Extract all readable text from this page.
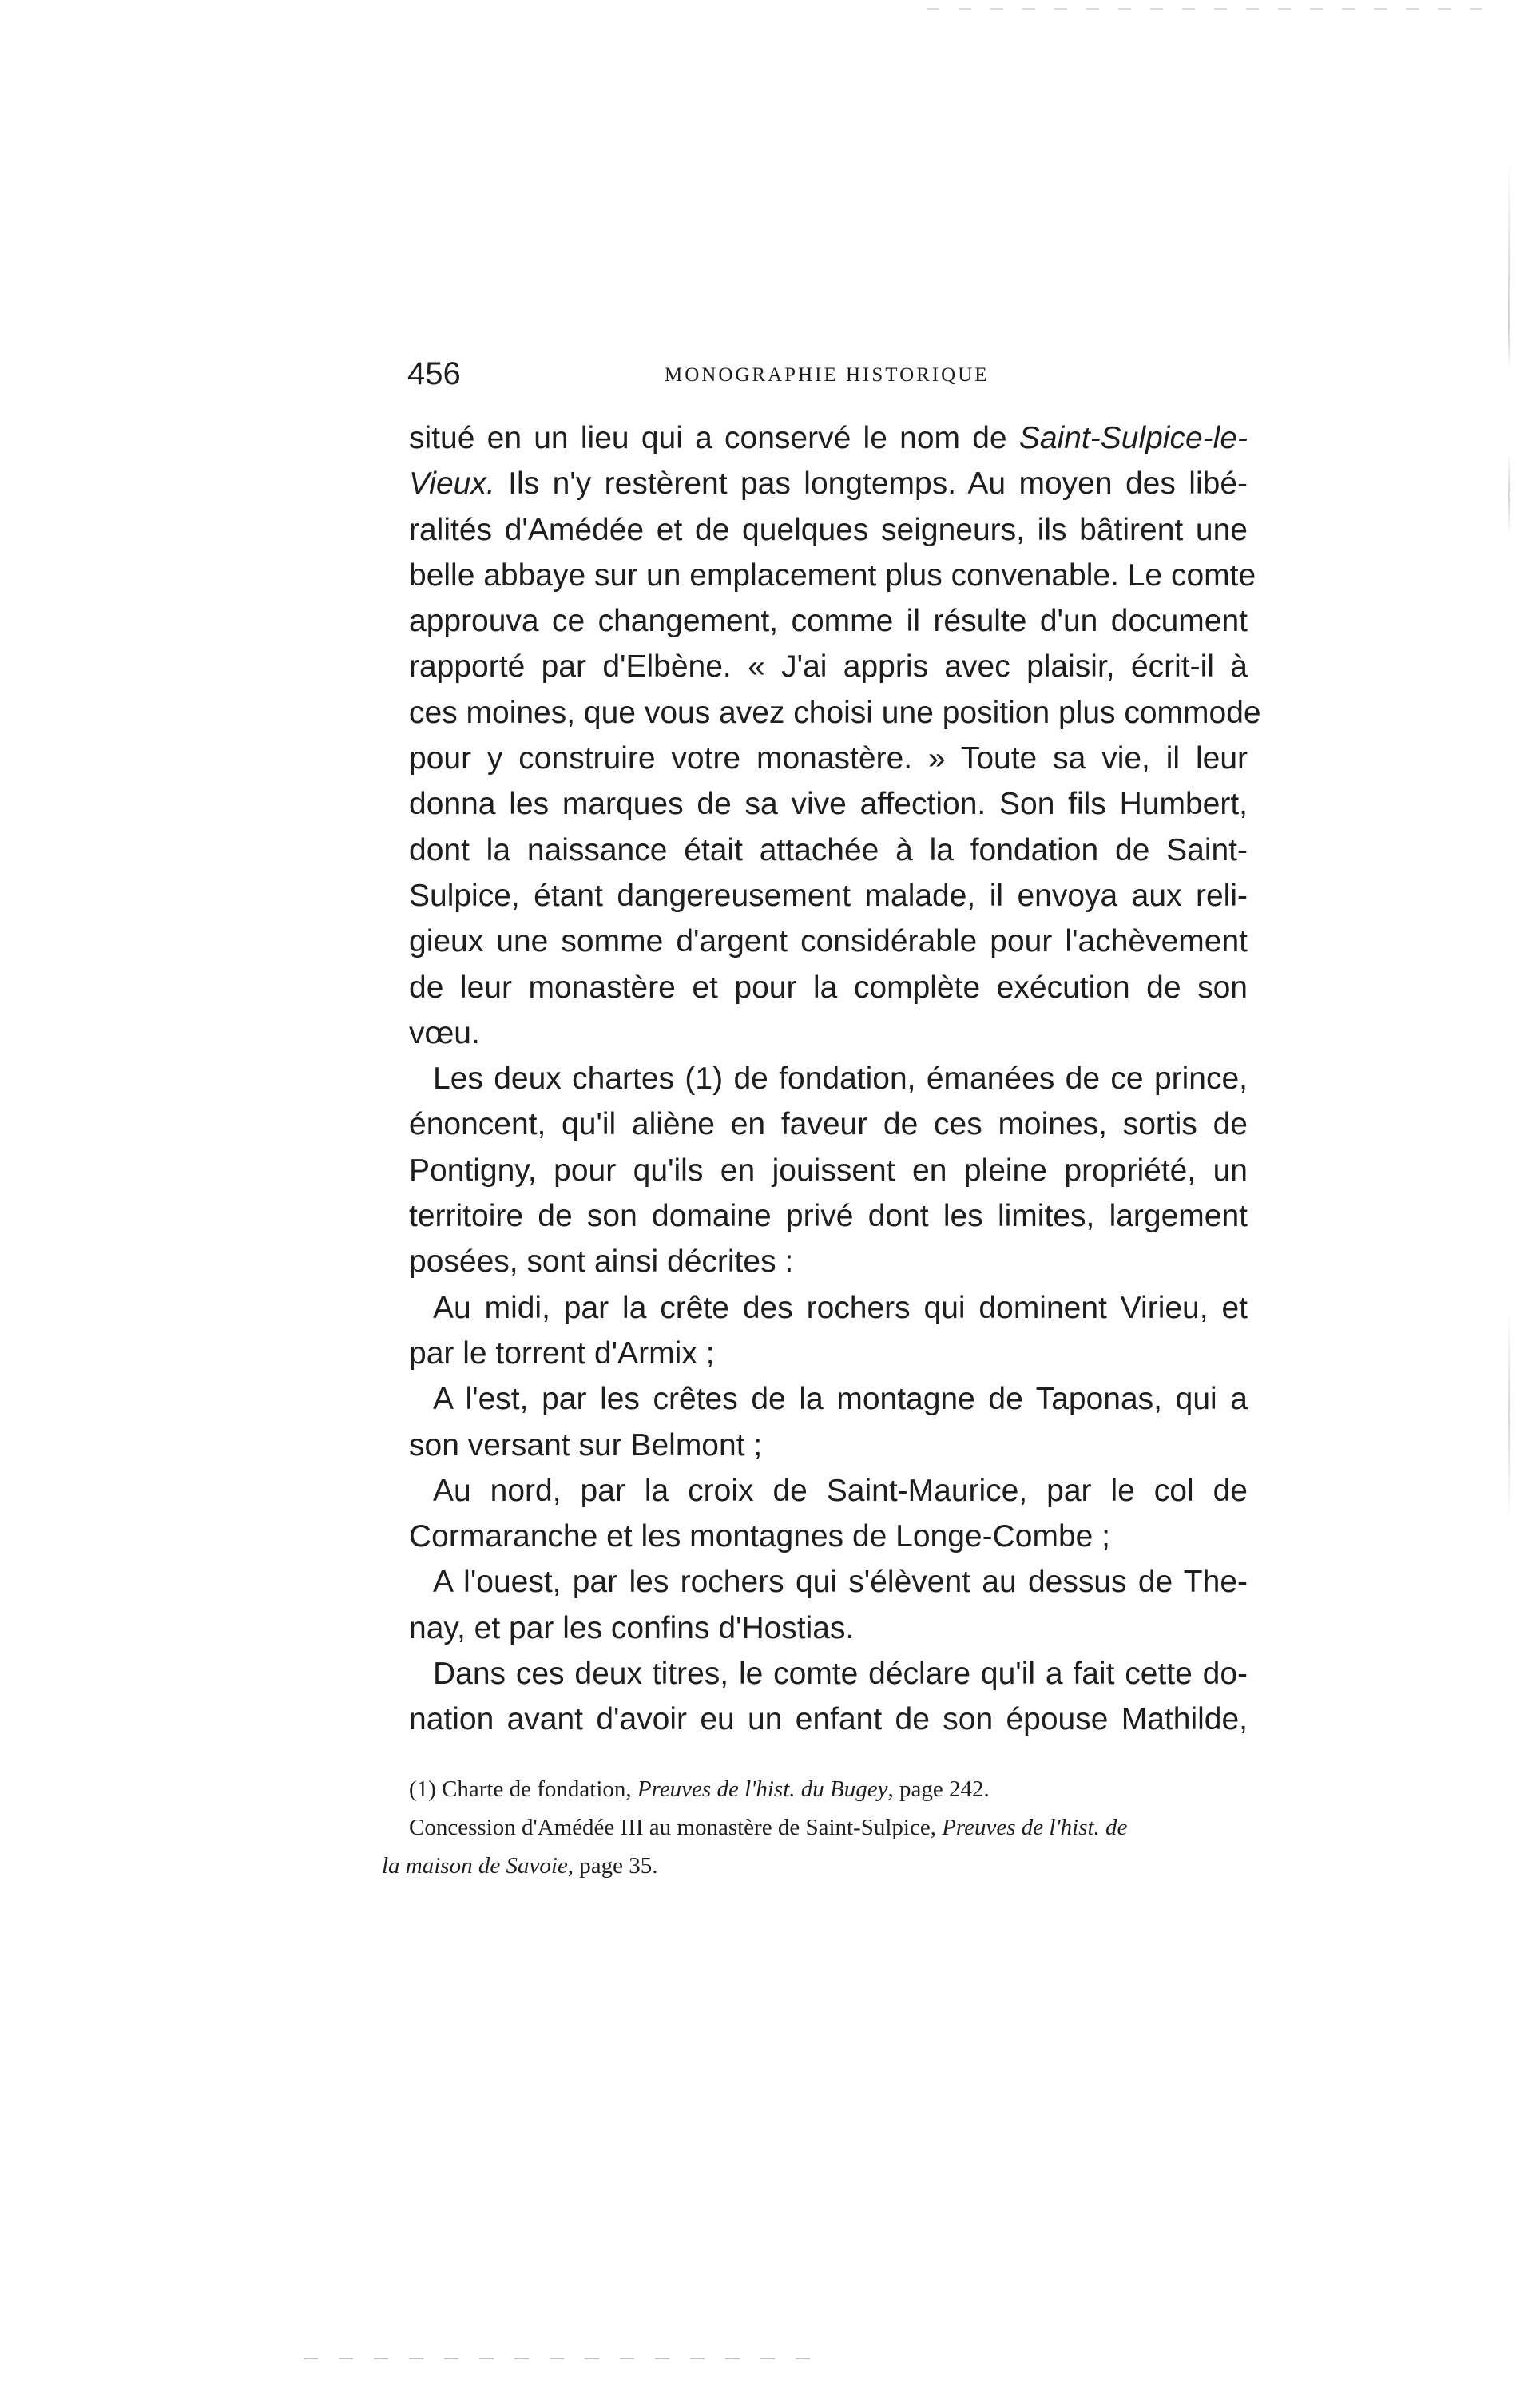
456	MONOGRAPHIE HISTORIQUE
situé en un lieu qui a conservé le nom de Saint-Sulpice-le-
Vieux. Ils n'y restèrent pas longtemps. Au moyen des libé-
ralités d'Amédée et de quelques seigneurs, ils bâtirent une
belle abbaye sur un emplacement plus convenable. Le comte
approuva ce changement, comme il résulte d'un document
rapporté par d'Elbène. « J'ai appris avec plaisir, écrit-il à
ces moines, que vous avez choisi une position plus commode
pour y construire votre monastère. » Toute sa vie, il leur
donna les marques de sa vive affection. Son fils Humbert,
dont la naissance était attachée à la fondation de Saint-
Sulpice, étant dangereusement malade, il envoya aux reli-
gieux une somme d'argent considérable pour l'achèvement
de leur monastère et pour la complète exécution de son
vœu.
Les deux chartes (1) de fondation, émanées de ce prince,
énoncent, qu'il aliène en faveur de ces moines, sortis de
Pontigny, pour qu'ils en jouissent en pleine propriété, un
territoire de son domaine privé dont les limites, largement
posées, sont ainsi décrites :
Au midi, par la crête des rochers qui dominent Virieu, et
par le torrent d'Armix ;
A l'est, par les crêtes de la montagne de Taponas, qui a
son versant sur Belmont ;
Au nord, par la croix de Saint-Maurice, par le col de
Cormaranche et les montagnes de Longe-Combe ;
A l'ouest, par les rochers qui s'élèvent au dessus de The-
nay, et par les confins d'Hostias.
Dans ces deux titres, le comte déclare qu'il a fait cette do-
nation avant d'avoir eu un enfant de son épouse Mathilde,
(1) Charte de fondation, Preuves de l'hist. du Bugey, page 242.
Concession d'Amédée III au monastère de Saint-Sulpice, Preuves de l'hist. de
la maison de Savoie, page 35.
